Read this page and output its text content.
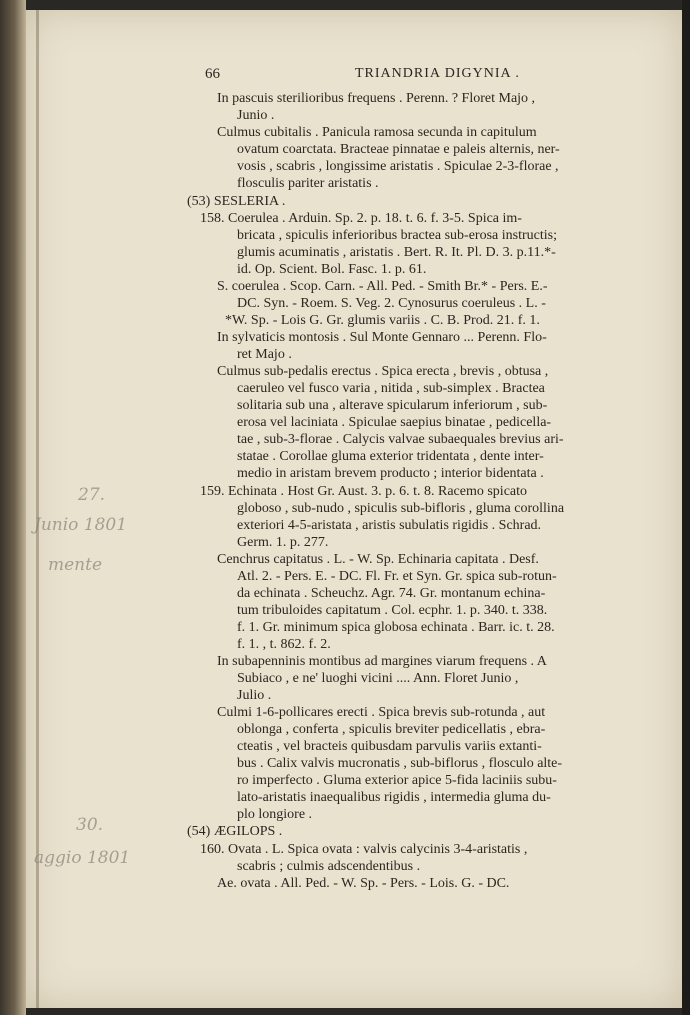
66	TRIANDRIA DIGYNIA .
In pascuis sterilioribus frequens . Perenn. ? Floret Majo ,
Junio .
Culmus cubitalis . Panicula ramosa secunda in capitulum
ovatum coarctata. Bracteae pinnatae e paleis alternis, ner-
vosis , scabris , longissime aristatis . Spiculae 2-3-florae ,
flosculis pariter aristatis .
(53) SESLERIA .
158. Coerulea . Arduin. Sp. 2. p. 18. t. 6. f. 3-5. Spica im-
bricata , spiculis inferioribus bractea sub-erosa instructis;
glumis acuminatis , aristatis . Bert. R. It. Pl. D. 3. p.11.*-
id. Op. Scient. Bol. Fasc. 1. p. 61.
S. coerulea . Scop. Carn. - All. Ped. - Smith Br.* - Pers. E.-
DC. Syn. - Roem. S. Veg. 2. Cynosurus coeruleus . L. -
*W. Sp. - Lois G. Gr. glumis variis . C. B. Prod. 21. f. 1.
In sylvaticis montosis . Sul Monte Gennaro ... Perenn. Flo-
ret Majo .
Culmus sub-pedalis erectus . Spica erecta , brevis , obtusa ,
caeruleo vel fusco varia , nitida , sub-simplex . Bractea
solitaria sub una , alterave spicularum inferiorum , sub-
erosa vel laciniata . Spiculae saepius binatae , pedicella-
tae , sub-3-florae . Calycis valvae subaequales brevius ari-
statae . Corollae gluma exterior tridentata , dente inter-
medio in aristam brevem producto ; interior bidentata .
159. Echinata . Host Gr. Aust. 3. p. 6. t. 8. Racemo spicato
globoso , sub-nudo , spiculis sub-bifloris , gluma corollina
exteriori 4-5-aristata , aristis subulatis rigidis . Schrad.
Germ. 1. p. 277.
Cenchrus capitatus . L. - W. Sp. Echinaria capitata . Desf.
Atl. 2. - Pers. E. - DC. Fl. Fr. et Syn. Gr. spica sub-rotun-
da echinata . Scheuchz. Agr. 74. Gr. montanum echina-
tum tribuloides capitatum . Col. ecphr. 1. p. 340. t. 338.
f. 1. Gr. minimum spica globosa echinata . Barr. ic. t. 28.
f. 1. , t. 862. f. 2.
In subapenninis montibus ad margines viarum frequens . A
Subiaco , e ne' luoghi vicini .... Ann. Floret Junio ,
Julio .
Culmi 1-6-pollicares erecti . Spica brevis sub-rotunda , aut
oblonga , conferta , spiculis breviter pedicellatis , ebra-
cteatis , vel bracteis quibusdam parvulis variis extanti-
bus . Calix valvis mucronatis , sub-biflorus , flosculo alte-
ro imperfecto . Gluma exterior apice 5-fida laciniis subu-
lato-aristatis inaequalibus rigidis , intermedia gluma du-
plo longiore .
(54) ÆGILOPS .
160. Ovata . L. Spica ovata : valvis calycinis 3-4-aristatis ,
scabris ; culmis adscendentibus .
Ae. ovata . All. Ped. - W. Sp. - Pers. - Lois. G. - DC.
27.
Junio 1801
mente
30.
aggio 1801
